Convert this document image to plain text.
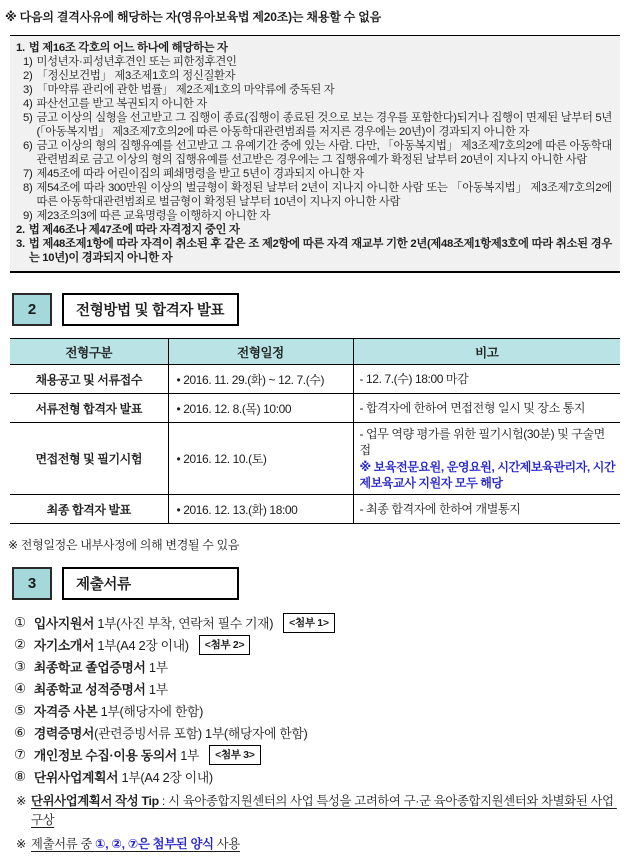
※ 다음의 결격사유에 해당하는 자(영유아보육법 제20조)는 채용할 수 없음
1. 법 제16조 각호의 어느 하나에 해당하는 자
1) 미성년자·피성년후견인 또는 피한정후견인
2) 「정신보건법」 제3조제1호의 정신질환자
3) 「마약류 관리에 관한 법률」 제2조제1호의 마약류에 중독된 자
4) 파산선고를 받고 복권되지 아니한 자
5) 금고 이상의 실형을 선고받고 그 집행이 종료(집행이 종료된 것으로 보는 경우를 포함한다)되거나 집행이 면제된 날부터 5년(「아동복지법」 제3조제7호의2에 따른 아동학대관련범죄를 저지른 경우에는 20년)이 경과되지 아니한 자
6) 금고 이상의 형의 집행유예를 선고받고 그 유예기간 중에 있는 사람. 다만, 「아동복지법」 제3조제7호의2에 따른 아동학대관련범죄로 금고 이상의 형의 집행유예를 선고받은 경우에는 그 집행유예가 확정된 날부터 20년이 지나지 아니한 사람
7) 제45조에 따라 어린이집의 폐쇄명령을 받고 5년이 경과되지 아니한 자
8) 제54조에 따라 300만원 이상의 벌금형이 확정된 날부터 2년이 지나지 아니한 사람 또는 「아동복지법」 제3조제7호의2에 따른 아동학대관련범죄로 벌금형이 확정된 날부터 10년이 지나지 아니한 사람
9) 제23조의3에 따른 교육명령을 이행하지 아니한 자
2. 법 제46조나 제47조에 따라 자격정지 중인 자
3. 법 제48조제1항에 따라 자격이 취소된 후 같은 조 제2항에 따른 자격 재교부 기한 2년(제48조제1항제3호에 따라 취소된 경우는 10년)이 경과되지 아니한 자
2	전형방법 및 합격자 발표
전형구분	전형일정	비고
채용공고 및 서류접수	• 2016. 11. 29.(화) ~ 12. 7.(수)	- 12. 7.(수) 18:00 마감

서류전형 합격자 발표	• 2016. 12. 8.(목) 10:00	- 합격자에 한하여 면접전형 일시 및 장소 통지

면접전형 및 필기시험	• 2016. 12. 10.(토)	- 업무 역량 평가를 위한 필기시험(30분) 및 구술면접
※ 보육전문요원, 운영요원, 시간제보육관리자, 시간제보육교사 지원자 모두 해당

최종 합격자 발표	• 2016. 12. 13.(화) 18:00	- 최종 합격자에 한하여 개별통지
※ 전형일정은 내부사정에 의해 변경될 수 있음
3	제출서류
① 입사지원서 1부(사진 부착, 연락처 필수 기재)	<첨부 1>
② 자기소개서 1부(A4 2장 이내)	<첨부 2>
③ 최종학교 졸업증명서 1부
④ 최종학교 성적증명서 1부
⑤ 자격증 사본 1부(해당자에 한함)
⑥ 경력증명서 (관련증빙서류 포함) 1부(해당자에 한함)
⑦ 개인정보 수집·이용 동의서 1부	<첨부 3>
⑧ 단위사업계획서 1부(A4 2장 이내)
※ 단위사업계획서 작성 Tip : 시 육아종합지원센터의 사업 특성을 고려하여 구·군 육아종합지원센터와 차별화된 사업 구상
※ 제출서류 중 ①, ②, ⑦은 첨부된 양식 사용
